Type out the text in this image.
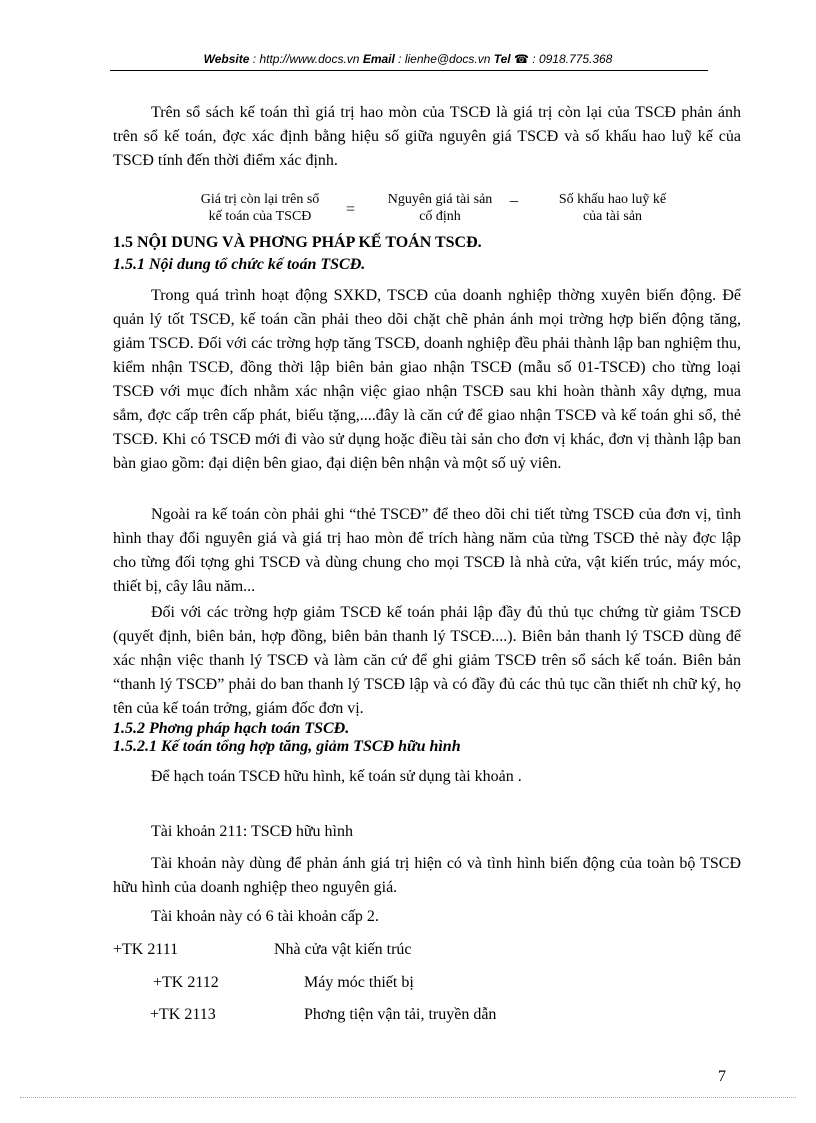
Website : http://www.docs.vn Email : lienhe@docs.vn Tel ☎ : 0918.775.368

Trên sổ sách kế toán thì giá trị hao mòn của TSCĐ là giá trị còn lại của TSCĐ phản ánh trên sổ kế toán, đợc xác định bằng hiệu số giữa nguyên giá TSCĐ và số khấu hao luỹ kế của TSCĐ tính đến thời điểm xác định.

Giá trị còn lại trên sổ
kế toán của TSCĐ	=
Nguyên giá tài sản
cố định
_	Số khấu hao luỹ kế
của tài sản

1.5 NỘI DUNG VÀ PHƠNG PHÁP KẾ TOÁN TSCĐ.

1.5.1 Nội dung tổ chức kế toán TSCĐ.

Trong quá trình hoạt động SXKD, TSCĐ của doanh nghiệp thờng xuyên biến động. Để quản lý tốt TSCĐ, kế toán cần phải theo dõi chặt chẽ phản ánh mọi trờng hợp biến động tăng, giảm TSCĐ. Đối với các trờng hợp tăng TSCĐ, doanh nghiệp đều phải thành lập ban nghiệm thu, kiểm nhận TSCĐ, đồng thời lập biên bản giao nhận TSCĐ (mẫu số 01-TSCĐ) cho từng loại TSCĐ với mục đích nhằm xác nhận việc giao nhận TSCĐ sau khi hoàn thành xây dựng, mua sắm, đợc cấp trên cấp phát, biếu tặng,....đây là căn cứ để giao nhận TSCĐ và kế toán ghi sổ, thẻ TSCĐ. Khi có TSCĐ mới đi vào sử dụng hoặc điều tài sản cho đơn vị khác, đơn vị thành lập ban bàn giao gồm: đại diện bên giao, đại diện bên nhận và một số uỷ viên.

Ngoài ra kế toán còn phải ghi “thẻ TSCĐ” để theo dõi chi tiết từng TSCĐ của đơn vị, tình hình thay đổi nguyên giá và giá trị hao mòn để trích hàng năm của từng TSCĐ thẻ này đợc lập cho từng đối tợng ghi TSCĐ và dùng chung cho mọi TSCĐ là nhà cửa, vật kiến trúc, máy móc, thiết bị, cây lâu năm...

Đối với các trờng hợp giảm TSCĐ kế toán phải lập đầy đủ thủ tục chứng từ giảm TSCĐ (quyết định, biên bản, hợp đồng, biên bản thanh lý TSCĐ....). Biên bản thanh lý TSCĐ dùng để xác nhận việc thanh lý TSCĐ và làm căn cứ để ghi giảm TSCĐ trên sổ sách kế toán. Biên bản “thanh lý TSCĐ” phải do ban thanh lý TSCĐ lập và có đầy đủ các thủ tục cần thiết nh chữ ký, họ tên của kế toán trởng, giám đốc đơn vị.

1.5.2 Phơng pháp hạch toán TSCĐ.

1.5.2.1 Kế toán tổng hợp tăng, giảm TSCĐ hữu hình

Để hạch toán TSCĐ hữu hình, kế toán sử dụng tài khoản .

Tài khoản 211: TSCĐ hữu hình

Tài khoản này dùng để phản ánh giá trị hiện có và tình hình biến động của toàn bộ TSCĐ hữu hình của doanh nghiệp theo nguyên giá.

Tài khoản này có 6 tài khoản cấp 2.

+TK 2111	Nhà cửa vật kiến trúc

+TK 2112	Máy móc thiết bị

+TK 2113	Phơng tiện vận tải, truyền dẫn

7
